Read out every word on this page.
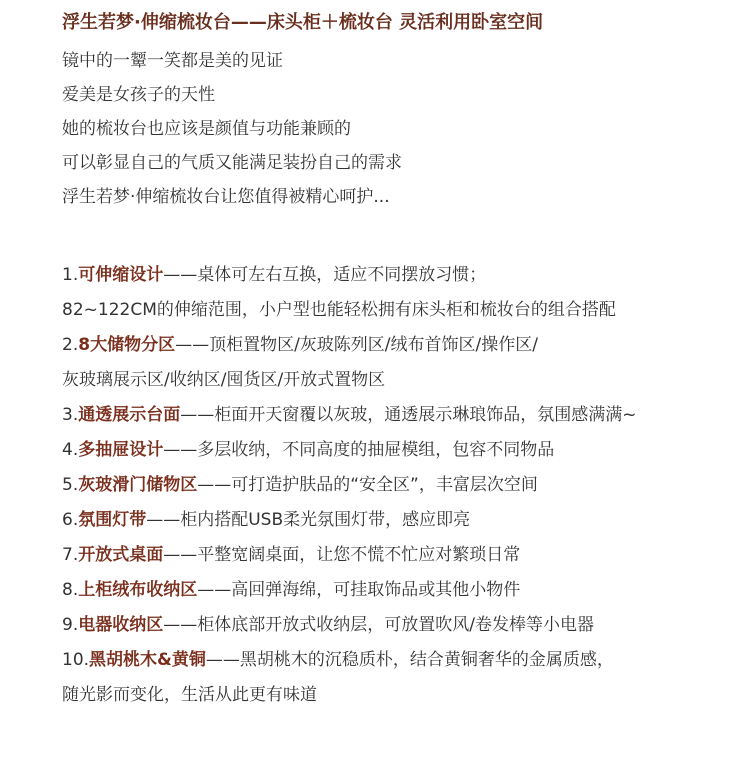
浮生若梦·伸缩梳妆台——床头柜＋梳妆台 灵活利用卧室空间
镜中的一颦一笑都是美的见证
爱美是女孩子的天性
她的梳妆台也应该是颜值与功能兼顾的
可以彰显自己的气质又能满足装扮自己的需求
浮生若梦·伸缩梳妆台让您值得被精心呵护...
1.可伸缩设计——桌体可左右互换，适应不同摆放习惯；
82~122CM的伸缩范围，小户型也能轻松拥有床头柜和梳妆台的组合搭配
2.8大储物分区——顶柜置物区/灰玻陈列区/绒布首饰区/操作区/
灰玻璃展示区/收纳区/囤货区/开放式置物区
3.通透展示台面——柜面开天窗覆以灰玻，通透展示琳琅饰品，氛围感满满~
4.多抽屉设计——多层收纳，不同高度的抽屉模组，包容不同物品
5.灰玻滑门储物区——可打造护肤品的“安全区”，丰富层次空间
6.氛围灯带——柜内搭配USB柔光氛围灯带，感应即亮
7.开放式桌面——平整宽阔桌面，让您不慌不忙应对繁琐日常
8.上柜绒布收纳区——高回弹海绵，可挂取饰品或其他小物件
9.电器收纳区——柜体底部开放式收纳层，可放置吹风/卷发棒等小电器
10.黑胡桃木&黄铜——黑胡桃木的沉稳质朴，结合黄铜奢华的金属质感，
随光影而变化，生活从此更有味道
